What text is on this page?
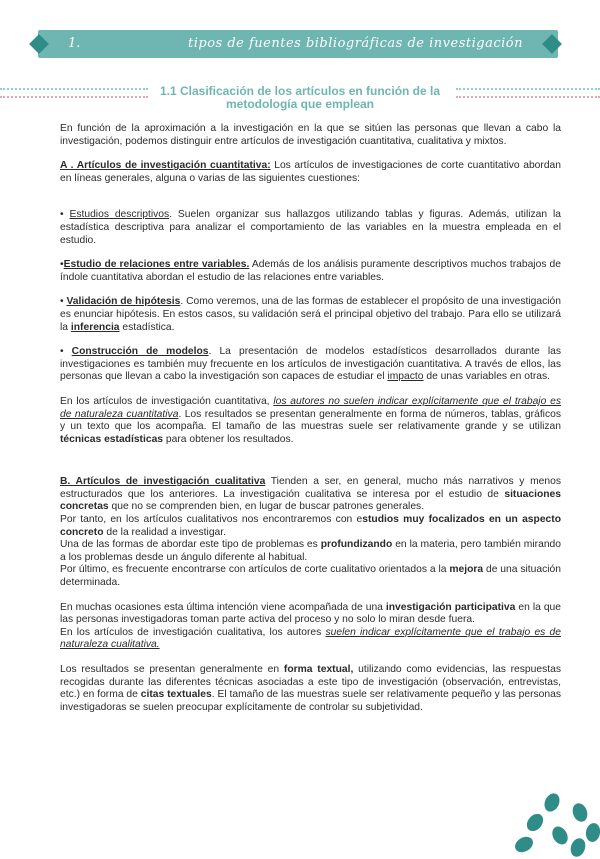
1.	tipos de fuentes bibliográficas de investigación
1.1 Clasificación de los artículos en función de la metodología que emplean

En función de la aproximación a la investigación en la que se sitúen las personas que llevan a cabo la investigación, podemos distinguir entre artículos de investigación cuantitativa, cualitativa y mixtos.

A . Artículos de investigación cuantitativa: Los artículos de investigaciones de corte cuantitativo abordan en líneas generales, alguna o varias de las siguientes cuestiones:

• Estudios descriptivos. Suelen organizar sus hallazgos utilizando tablas y figuras. Además, utilizan la estadística descriptiva para analizar el comportamiento de las variables en la muestra empleada en el estudio.

•Estudio de relaciones entre variables. Además de los análisis puramente descriptivos muchos trabajos de índole cuantitativa abordan el estudio de las relaciones entre variables.

• Validación de hipótesis. Como veremos, una de las formas de establecer el propósito de una investigación es enunciar hipótesis. En estos casos, su validación será el principal objetivo del trabajo. Para ello se utilizará la inferencia estadística.

• Construcción de modelos. La presentación de modelos estadísticos desarrollados durante las investigaciones es también muy frecuente en los artículos de investigación cuantitativa. A través de ellos, las personas que llevan a cabo la investigación son capaces de estudiar el impacto de unas variables en otras.

En los artículos de investigación cuantitativa, los autores no suelen indicar explícitamente que el trabajo es de naturaleza cuantitativa. Los resultados se presentan generalmente en forma de números, tablas, gráficos y un texto que los acompaña. El tamaño de las muestras suele ser relativamente grande y se utilizan técnicas estadísticas para obtener los resultados.

B. Artículos de investigación cualitativa Tienden a ser, en general, mucho más narrativos y menos estructurados que los anteriores. La investigación cualitativa se interesa por el estudio de situaciones concretas que no se comprenden bien, en lugar de buscar patrones generales.

Por tanto, en los artículos cualitativos nos encontraremos con estudios muy focalizados en un aspecto concreto de la realidad a investigar.

Una de las formas de abordar este tipo de problemas es profundizando en la materia, pero también mirando a los problemas desde un ángulo diferente al habitual.

Por último, es frecuente encontrarse con artículos de corte cualitativo orientados a la mejora de una situación determinada.

En muchas ocasiones esta última intención viene acompañada de una investigación participativa en la que las personas investigadoras toman parte activa del proceso y no solo lo miran desde fuera.

En los artículos de investigación cualitativa, los autores suelen indicar explícitamente que el trabajo es de naturaleza cualitativa.

Los resultados se presentan generalmente en forma textual, utilizando como evidencias, las respuestas recogidas durante las diferentes técnicas asociadas a este tipo de investigación (observación, entrevistas, etc.) en forma de citas textuales. El tamaño de las muestras suele ser relativamente pequeño y las personas investigadoras se suelen preocupar explícitamente de controlar su subjetividad.
